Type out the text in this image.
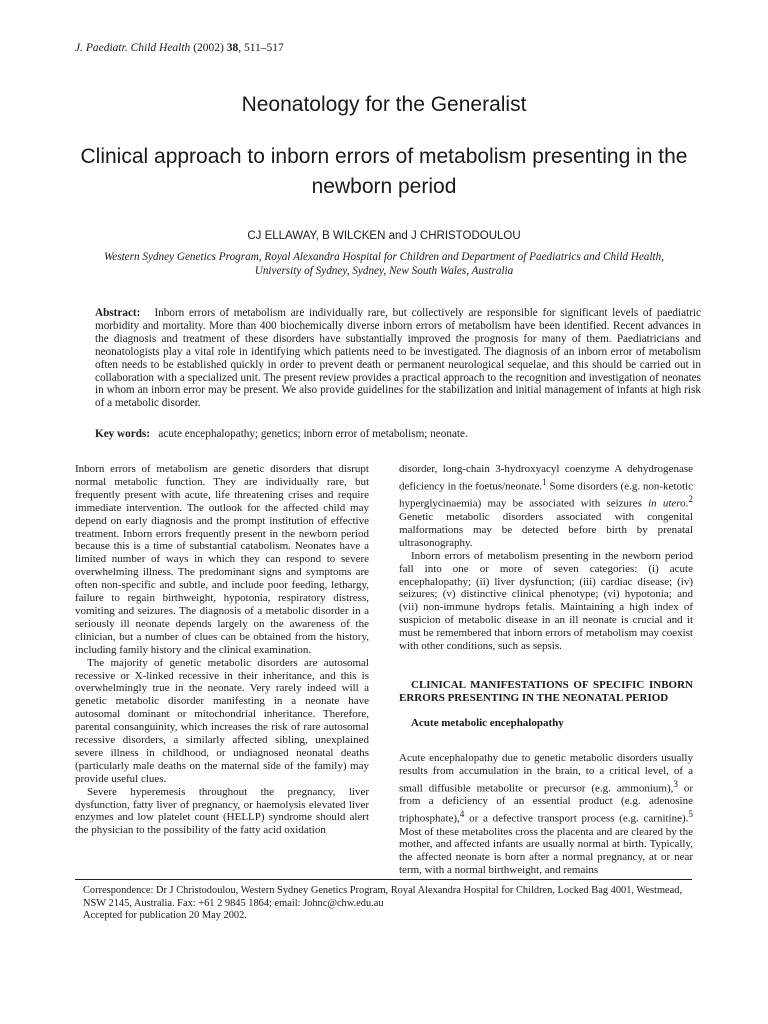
J. Paediatr. Child Health (2002) 38, 511–517
Neonatology for the Generalist
Clinical approach to inborn errors of metabolism presenting in the newborn period
CJ ELLAWAY, B WILCKEN and J CHRISTODOULOU
Western Sydney Genetics Program, Royal Alexandra Hospital for Children and Department of Paediatrics and Child Health, University of Sydney, Sydney, New South Wales, Australia
Abstract: Inborn errors of metabolism are individually rare, but collectively are responsible for significant levels of paediatric morbidity and mortality. More than 400 biochemically diverse inborn errors of metabolism have been identified. Recent advances in the diagnosis and treatment of these disorders have substantially improved the prognosis for many of them. Paediatricians and neonatologists play a vital role in identifying which patients need to be investigated. The diagnosis of an inborn error of metabolism often needs to be established quickly in order to prevent death or permanent neurological sequelae, and this should be carried out in collaboration with a specialized unit. The present review provides a practical approach to the recognition and investigation of neonates in whom an inborn error may be present. We also provide guidelines for the stabilization and initial management of infants at high risk of a metabolic disorder.
Key words: acute encephalopathy; genetics; inborn error of metabolism; neonate.

Inborn errors of metabolism are genetic disorders that disrupt normal metabolic function. They are individually rare, but frequently present with acute, life threatening crises and require immediate intervention. The outlook for the affected child may depend on early diagnosis and the prompt institution of effective treatment. Inborn errors frequently present in the newborn period because this is a time of substantial catabolism. Neonates have a limited number of ways in which they can respond to severe overwhelming illness. The predominant signs and symptoms are often non-specific and subtle, and include poor feeding, lethargy, failure to regain birthweight, hypotonia, respiratory distress, vomiting and seizures. The diagnosis of a metabolic disorder in a seriously ill neonate depends largely on the awareness of the clinician, but a number of clues can be obtained from the history, including family history and the clinical examination.

The majority of genetic metabolic disorders are autosomal recessive or X-linked recessive in their inheritance, and this is overwhelmingly true in the neonate. Very rarely indeed will a genetic metabolic disorder manifesting in a neonate have autosomal dominant or mitochondrial inheritance. Therefore, parental consanguinity, which increases the risk of rare autosomal recessive disorders, a similarly affected sibling, unexplained severe illness in childhood, or undiagnosed neonatal deaths (particularly male deaths on the maternal side of the family) may provide useful clues.

Severe hyperemesis throughout the pregnancy, liver dysfunction, fatty liver of pregnancy, or haemolysis elevated liver enzymes and low platelet count (HELLP) syndrome should alert the physician to the possibility of the fatty acid oxidation

disorder, long-chain 3-hydroxyacyl coenzyme A dehydrogenase deficiency in the foetus/neonate.$^1$ Some disorders (e.g. non-ketotic hyperglycinaemia) may be associated with seizures in utero.$^2$ Genetic metabolic disorders associated with congenital malformations may be detected before birth by prenatal ultrasonography.

Inborn errors of metabolism presenting in the newborn period fall into one or more of seven categories: (i) acute encephalopathy; (ii) liver dysfunction; (iii) cardiac disease; (iv) seizures; (v) distinctive clinical phenotype; (vi) hypotonia; and (vii) non-immune hydrops fetalis. Maintaining a high index of suspicion of metabolic disease in an ill neonate is crucial and it must be remembered that inborn errors of metabolism may coexist with other conditions, such as sepsis.

CLINICAL MANIFESTATIONS OF SPECIFIC INBORN ERRORS PRESENTING IN THE NEONATAL PERIOD

Acute metabolic encephalopathy

Acute encephalopathy due to genetic metabolic disorders usually results from accumulation in the brain, to a critical level, of a small diffusible metabolite or precursor (e.g. ammonium),$^3$ or from a deficiency of an essential product (e.g. adenosine triphosphate),$^4$ or a defective transport process (e.g. carnitine).$^5$ Most of these metabolites cross the placenta and are cleared by the mother, and affected infants are usually normal at birth. Typically, the affected neonate is born after a normal pregnancy, at or near term, with a normal birthweight, and remains

Correspondence: Dr J Christodoulou, Western Sydney Genetics Program, Royal Alexandra Hospital for Children, Locked Bag 4001, Westmead, NSW 2145, Australia. Fax: +61 2 9845 1864; email: Johnc@chw.edu.au
Accepted for publication 20 May 2002.
